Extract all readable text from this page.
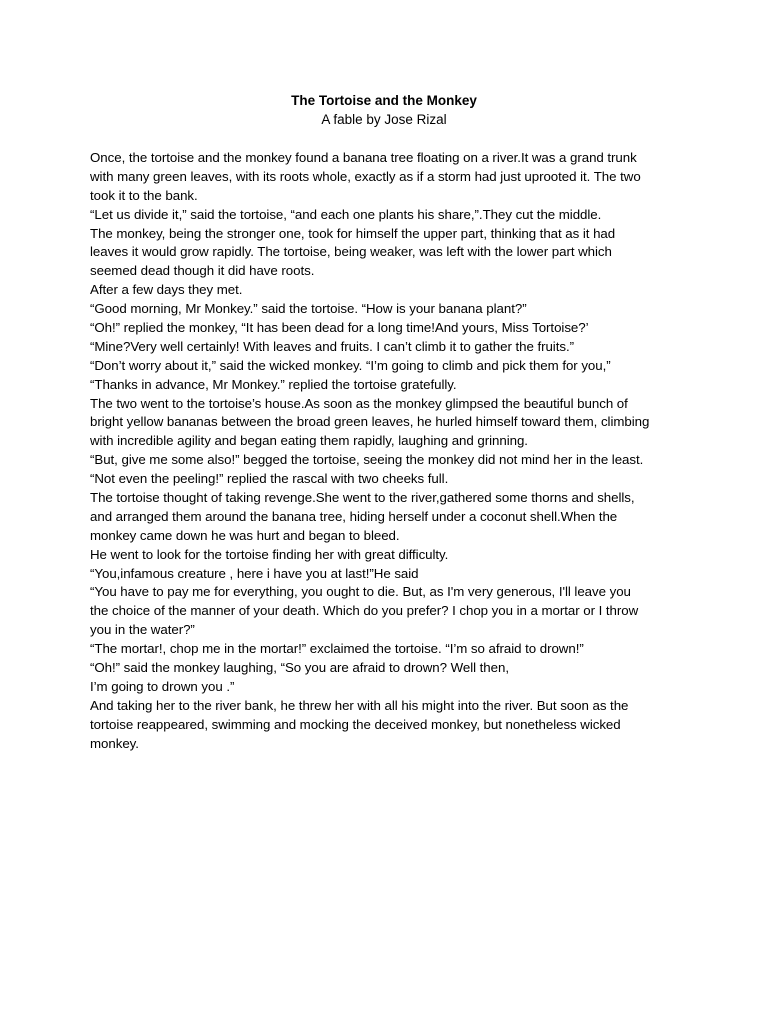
The Tortoise and the Monkey

A fable by Jose Rizal

Once, the tortoise and the monkey found a banana tree floating on a river.It was a grand trunk
with many green leaves, with its roots whole, exactly as if a storm had just uprooted it. The two
took it to the bank.
“Let us divide it,” said the tortoise, “and each one plants his share,”.They cut the middle.
The monkey, being the stronger one, took for himself the upper part, thinking that as it had
leaves it would grow rapidly. The tortoise, being weaker, was left with the lower part which
seemed dead though it did have roots.
After a few days they met.
“Good morning, Mr Monkey.” said the tortoise. “How is your banana plant?”
“Oh!” replied the monkey, “It has been dead for a long time!And yours, Miss Tortoise?’
“Mine?Very well certainly! With leaves and fruits. I can’t climb it to gather the fruits.”
“Don’t worry about it,” said the wicked monkey. “I’m going to climb and pick them for you,”
“Thanks in advance, Mr Monkey.” replied the tortoise gratefully.
The two went to the tortoise’s house.As soon as the monkey glimpsed the beautiful bunch of
bright yellow bananas between the broad green leaves, he hurled himself toward them, climbing
with incredible agility and began eating them rapidly, laughing and grinning.
“But, give me some also!” begged the tortoise, seeing the monkey did not mind her in the least.
“Not even the peeling!” replied the rascal with two cheeks full.
The tortoise thought of taking revenge.She went to the river,gathered some thorns and shells,
and arranged them around the banana tree, hiding herself under a coconut shell.When the
monkey came down he was hurt and began to bleed.
He went to look for the tortoise finding her with great difficulty.
“You,infamous creature , here i have you at last!”He said
“You have to pay me for everything, you ought to die. But, as I'm very generous, I'll leave you
the choice of the manner of your death. Which do you prefer? I chop you in a mortar or I throw
you in the water?”
“The mortar!, chop me in the mortar!” exclaimed the tortoise. “I’m so afraid to drown!”
“Oh!” said the monkey laughing, “So you are afraid to drown? Well then,
I’m going to drown you .”
And taking her to the river bank, he threw her with all his might into the river. But soon as the
tortoise reappeared, swimming and mocking the deceived monkey, but nonetheless wicked
monkey.
